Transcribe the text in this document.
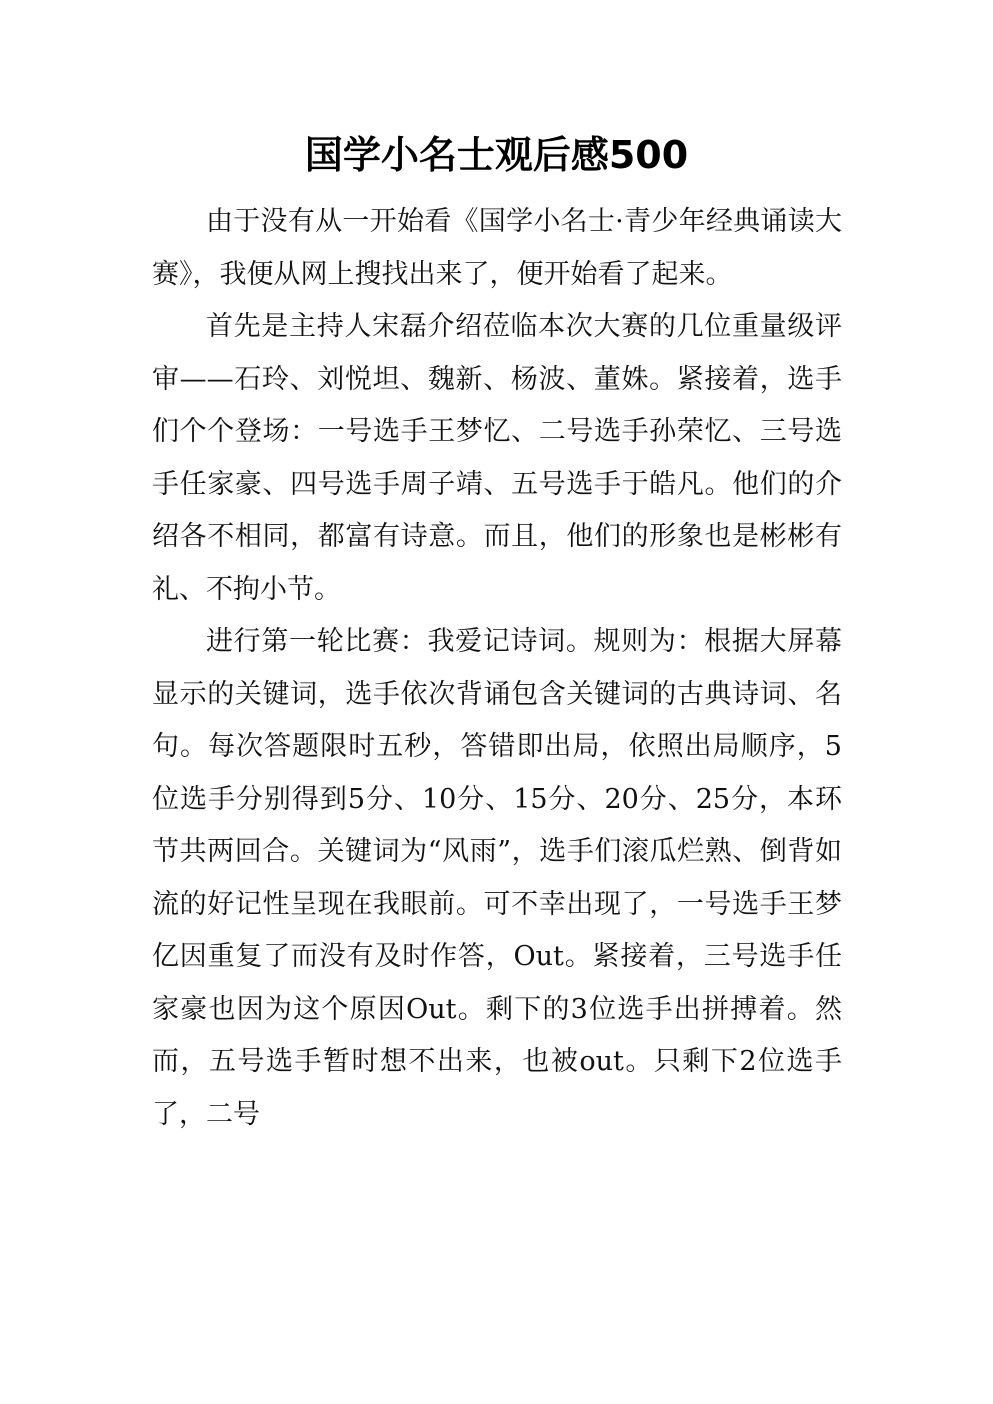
国学小名士观后感500

由于没有从一开始看《国学小名士·青少年经典诵读大赛》，我便从网上搜找出来了，便开始看了起来。

首先是主持人宋磊介绍莅临本次大赛的几位重量级评审——石玲、刘悦坦、魏新、杨波、董姝。紧接着，选手们个个登场：一号选手王梦忆、二号选手孙荣忆、三号选手任家豪、四号选手周子靖、五号选手于皓凡。他们的介绍各不相同，都富有诗意。而且，他们的形象也是彬彬有礼、不拘小节。

进行第一轮比赛：我爱记诗词。规则为：根据大屏幕显示的关键词，选手依次背诵包含关键词的古典诗词、名句。每次答题限时五秒，答错即出局，依照出局顺序，5位选手分别得到5分、10分、15分、20分、25分，本环节共两回合。关键词为“风雨”，选手们滚瓜烂熟、倒背如流的好记性呈现在我眼前。可不幸出现了，一号选手王梦亿因重复了而没有及时作答，Out。紧接着，三号选手任家豪也因为这个原因Out。剩下的3位选手出拼搏着。然而，五号选手暂时想不出来，也被out。只剩下2位选手了，二号
